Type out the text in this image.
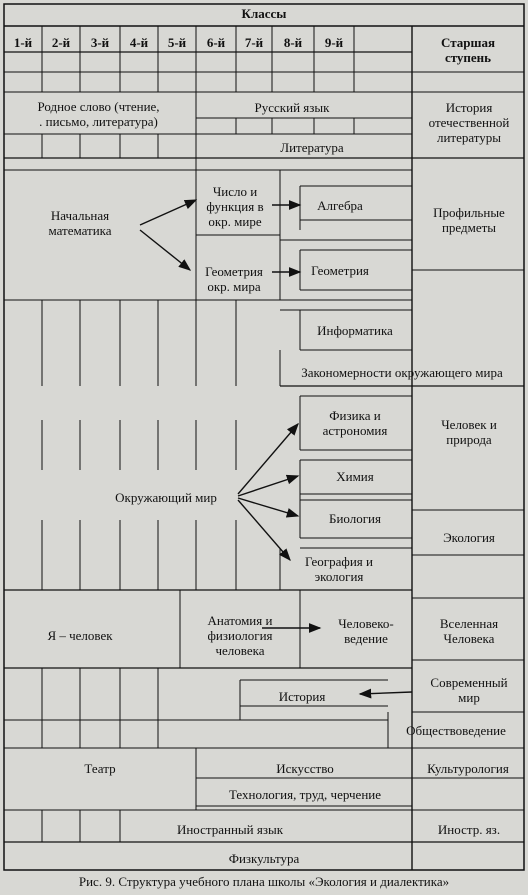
Классы
1-й	2-й	3-й	4-й	5-й	6-й	7-й	8-й	9-й	Старшая
ступень
Родное слово (чтение,
. письмо, литература)
Русский язык	История
отечественной
литературы
Литература
Начальная
математика
Число и
функция в
окр. мире
Алгебра	Профильные
предметы
Геометрия
окр. мира
Геометрия
Информатика
Закономерности окружающего мира
Физика и
астрономия	Человек и
природа
Химия
Окружающий мир
Биология
Экология
География и
экология
Я – человек
Анатомия и
физиология
человека
Человеко-
ведение
Вселенная
Человека
Современный
мир
История
Обществоведение
Театр	Искусство	Культурология
Технология, труд, черчение
Иностранный язык	Иностр. яз.
Физкультура
Рис. 9. Структура учебного плана школы «Экология и диалектика»
